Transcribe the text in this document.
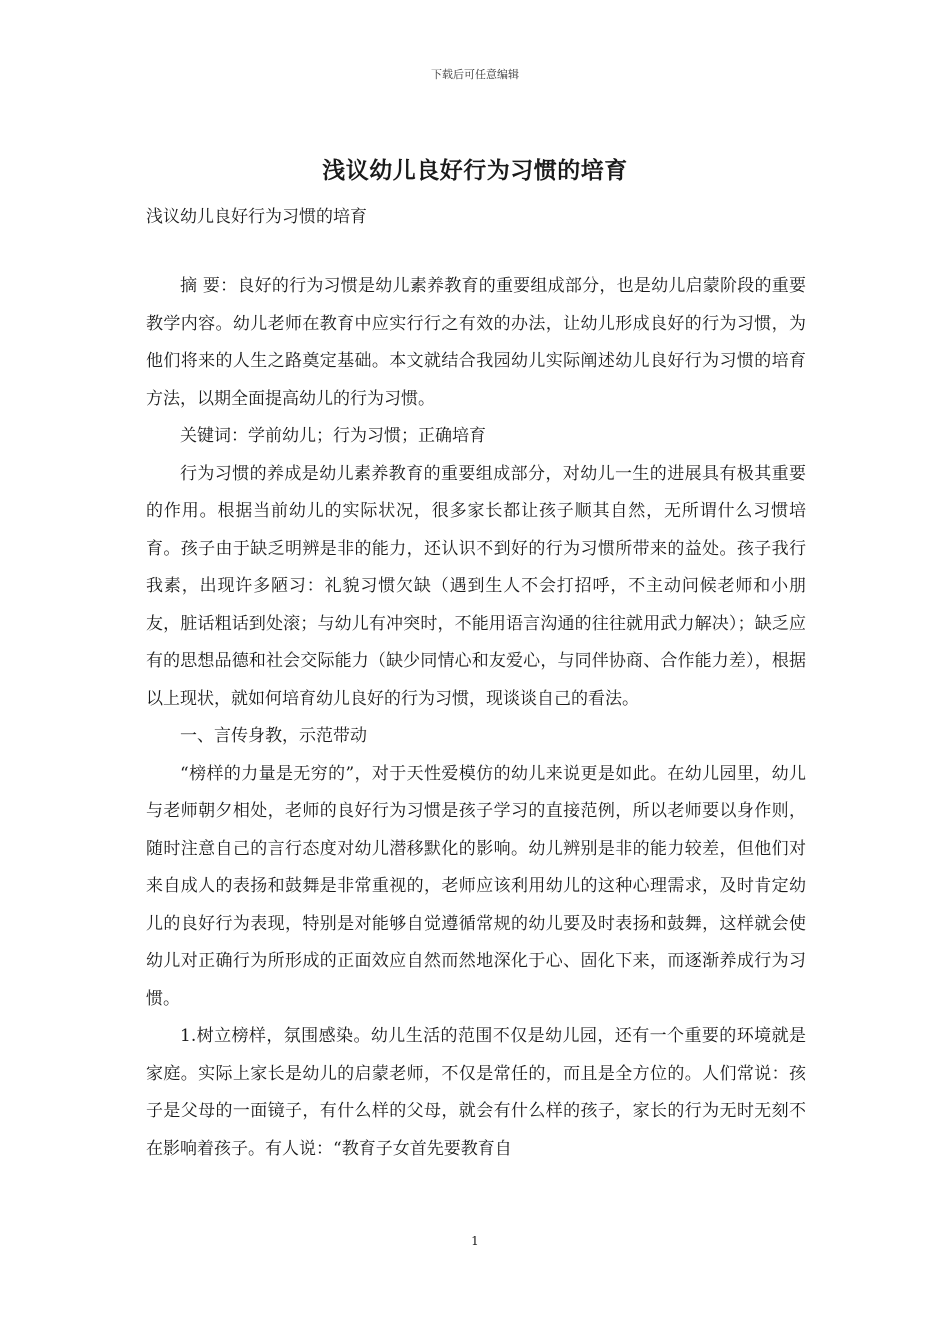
下载后可任意编辑
浅议幼儿良好行为习惯的培育
浅议幼儿良好行为习惯的培育

摘 要：良好的行为习惯是幼儿素养教育的重要组成部分，也是幼儿启蒙阶段的重要教学内容。幼儿老师在教育中应实行行之有效的办法，让幼儿形成良好的行为习惯，为他们将来的人生之路奠定基础。本文就结合我园幼儿实际阐述幼儿良好行为习惯的培育方法，以期全面提高幼儿的行为习惯。

关键词：学前幼儿；行为习惯；正确培育

行为习惯的养成是幼儿素养教育的重要组成部分，对幼儿一生的进展具有极其重要的作用。根据当前幼儿的实际状况，很多家长都让孩子顺其自然，无所谓什么习惯培育。孩子由于缺乏明辨是非的能力，还认识不到好的行为习惯所带来的益处。孩子我行我素，出现许多陋习：礼貌习惯欠缺（遇到生人不会打招呼，不主动问候老师和小朋友，脏话粗话到处滚；与幼儿有冲突时，不能用语言沟通的往往就用武力解决）；缺乏应有的思想品德和社会交际能力（缺少同情心和友爱心，与同伴协商、合作能力差），根据以上现状，就如何培育幼儿良好的行为习惯，现谈谈自己的看法。

一、言传身教，示范带动

“榜样的力量是无穷的”，对于天性爱模仿的幼儿来说更是如此。在幼儿园里，幼儿与老师朝夕相处，老师的良好行为习惯是孩子学习的直接范例，所以老师要以身作则，随时注意自己的言行态度对幼儿潜移默化的影响。幼儿辨别是非的能力较差，但他们对来自成人的表扬和鼓舞是非常重视的，老师应该利用幼儿的这种心理需求，及时肯定幼儿的良好行为表现，特别是对能够自觉遵循常规的幼儿要及时表扬和鼓舞，这样就会使幼儿对正确行为所形成的正面效应自然而然地深化于心、固化下来，而逐渐养成行为习惯。

1.树立榜样，氛围感染。幼儿生活的范围不仅是幼儿园，还有一个重要的环境就是家庭。实际上家长是幼儿的启蒙老师，不仅是常任的，而且是全方位的。人们常说：孩子是父母的一面镜子，有什么样的父母，就会有什么样的孩子，家长的行为无时无刻不在影响着孩子。有人说：“教育子女首先要教育自

1
